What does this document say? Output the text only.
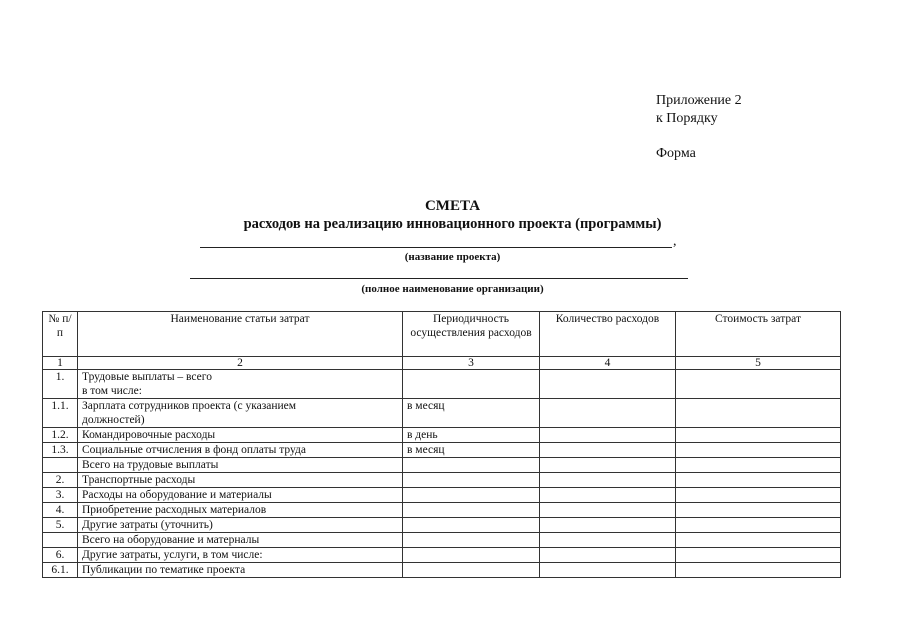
Приложение 2
к Порядку
Форма
СМЕТА
расходов на реализацию инновационного проекта (программы)
,
(название проекта)
(полное наименование организации)
№ п/п	Наименование статьи затрат	Периодичность осуществления расходов	Количество расходов	Стоимость затрат
1	2	3	4	5
1.	Трудовые выплаты – всего
в том числе:			

1.1.	Зарплата сотрудников проекта (с указанием
должностей)	в месяц		
1.2.	Командировочные расходы	в день		
1.3.	Социальные отчисления в фонд оплаты труда	в месяц		

	Всего на трудовые выплаты			

2.	Транспортные расходы			

3.	Расходы на оборудование и материалы			

4.	Приобретение расходных материалов			

5.	Другие затраты (уточнить)			

	Всего на оборудование и матерналы			

6.	Другие затраты, услуги, в том числе:			

6.1.	Публикации по тематике проекта			
